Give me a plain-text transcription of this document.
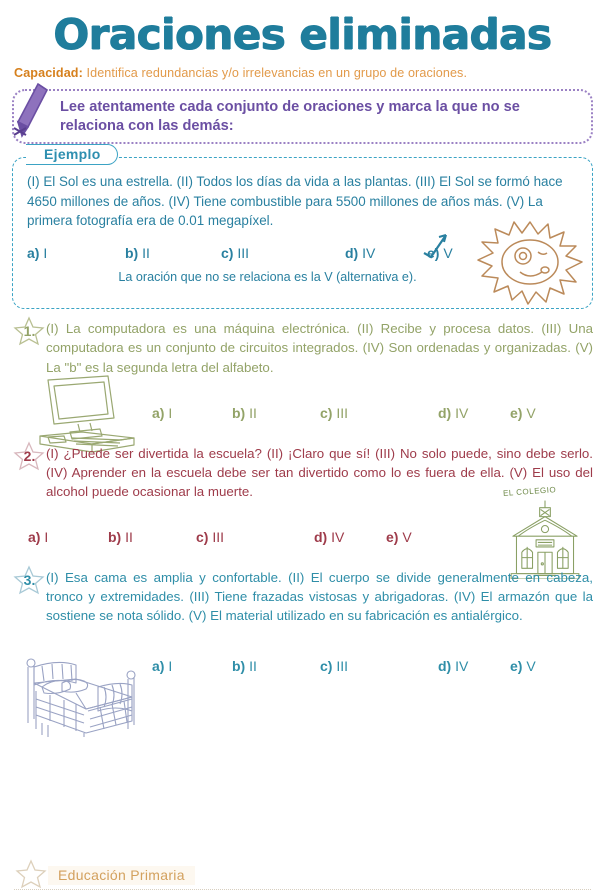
Oraciones eliminadas
Capacidad: Identifica redundancias y/o irrelevancias en un grupo de oraciones.
Lee atentamente cada conjunto de oraciones y marca la que no se relaciona con las demás:
Ejemplo

(I) El Sol es una estrella. (II) Todos los días da vida a las plantas. (III) El Sol se formó hace 4650 millones de años. (IV) Tiene combustible para 5500 millones de años más. (V) La primera fotografía era de 0.01 megapíxel.

a) I	b) II	c) III	d) IV	e) V
La oración que no se relaciona es la V (alternativa e).
1. (I) La computadora es una máquina electrónica. (II) Recibe y procesa datos. (III) Una computadora es un conjunto de circuitos integrados. (IV) Son ordenadas y organizadas. (V) La "b" es la segunda letra del alfabeto.

a) I	b) II	c) III	d) IV	e) V
2. (I) ¿Puede ser divertida la escuela? (II) ¡Claro que sí! (III) No solo puede, sino debe serlo. (IV) Aprender en la escuela debe ser tan divertido como lo es fuera de ella. (V) El uso del alcohol puede ocasionar la muerte.	EL COLEGIO
a) I	b) II	c) III	d) IV	e) V
3. (I) Esa cama es amplia y confortable. (II) El cuerpo se divide generalmente en cabeza, tronco y extremidades. (III) Tiene frazadas vistosas y abrigadoras. (IV) El armazón que la sostiene se nota sólido. (V) El material utilizado en su fabricación es antialérgico.

a) I	b) II	c) III	d) IV	e) V
Educación Primaria
